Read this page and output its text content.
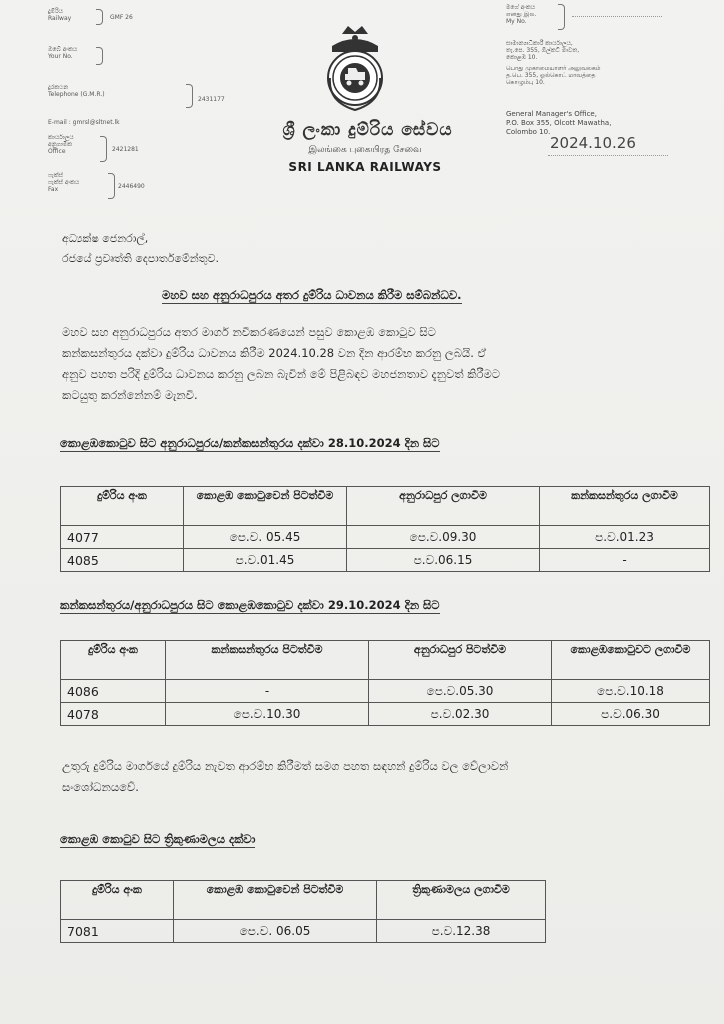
දුම්රිය
Railway	GMF 26
ඔබේ අංකය
Your No.
දුරකථන
Telephone (G.M.R.)
2431177
E-mail : gmrsl@sltnet.lk
කාර්යාලය
අනුගාමික
Office	2421281
ෆැක්ස්
ෆැක්ස් අංකය
Fax	2446490
ශ්‍රී ලංකා දුම්රිය සේවය
இலங்கை புகையிரத சேவை
SRI LANKA RAILWAYS
මගේ අංකය
எனது இல.
My No.
සාමාන්‍යාධිකාරී කාර්යාලය,
තැ.පෙ. 355, ඕල්කට් මාවත,
කොළඹ 10.
பொது முகாமையாளர் அலுவலகம்
த.பெ. 355, ஓல்கொட் மாவத்தை
கொழும்பு 10.
General Manager's Office,
P.O. Box 355, Olcott Mawatha,
Colombo 10.
2024.10.26
අධ්‍යක්ෂ ජෙනරාල්,
රජයේ ප්‍රවෘත්ති දෙපාර්තමේන්තුව.
මහව සහ අනුරාධපුරය අතර දුම්රිය ධාවනය කිරීම සම්බන්ධව.
මහව සහ අනුරාධපුරය අතර මාර්ග නවීකරණයෙන් පසුව කොළඹ කොටුව සිට
කන්කසන්තුරය දක්වා දුම්රිය ධාවනය කිරීම 2024.10.28 වන දින ආරම්භ කරනු ලබයි. ඒ
අනුව පහත පරිදි දුම්රිය ධාවනය කරනු ලබන බැවින් මේ පිළිබඳව මහජනතාව දැනුවත් කිරීමට
කටයුතු කරන්නේනම් මැනවි.
කොළඹකොටුව සිට අනුරාධපුරය/කන්කසන්තුරය දක්වා 28.10.2024 දින සිට
දුම්රිය අංක	කොළඹ කොටුවෙන් පිටත්වීම	අනුරාධපුර ලගාවීම	කන්කසන්තුරය ලගාවීම
4077	පෙ.ව. 05.45	පෙ.ව.09.30	ප.ව.01.23
4085	ප.ව.01.45	ප.ව.06.15	-
කන්කසන්තුරය/අනුරාධපුරය සිට කොළඹකොටුව දක්වා 29.10.2024 දින සිට
දුම්රිය අංක	කන්කසන්තුරය පිටත්වීම	අනුරාධපුර පිටත්වීම	කොළඹකොටුවට ලගාවීම
4086	-	පෙ.ව.05.30	පෙ.ව.10.18
4078	පෙ.ව.10.30	ප.ව.02.30	ප.ව.06.30
උතුරු දුම්රිය මාර්ගයේ දුම්රිය නැවත ආරම්භ කිරීමත් සමග පහත සඳහන් දුම්රිය වල වේලාවන්
සංශෝධනයවේ.
කොළඹ කොටුව සිට ත්‍රිකුණාමලය දක්වා
දුම්රිය අංක	කොළඹ කොටුවෙන් පිටත්වීම	ත්‍රිකුණාමලය ලගාවීම
7081	පෙ.ව. 06.05	ප.ව.12.38
